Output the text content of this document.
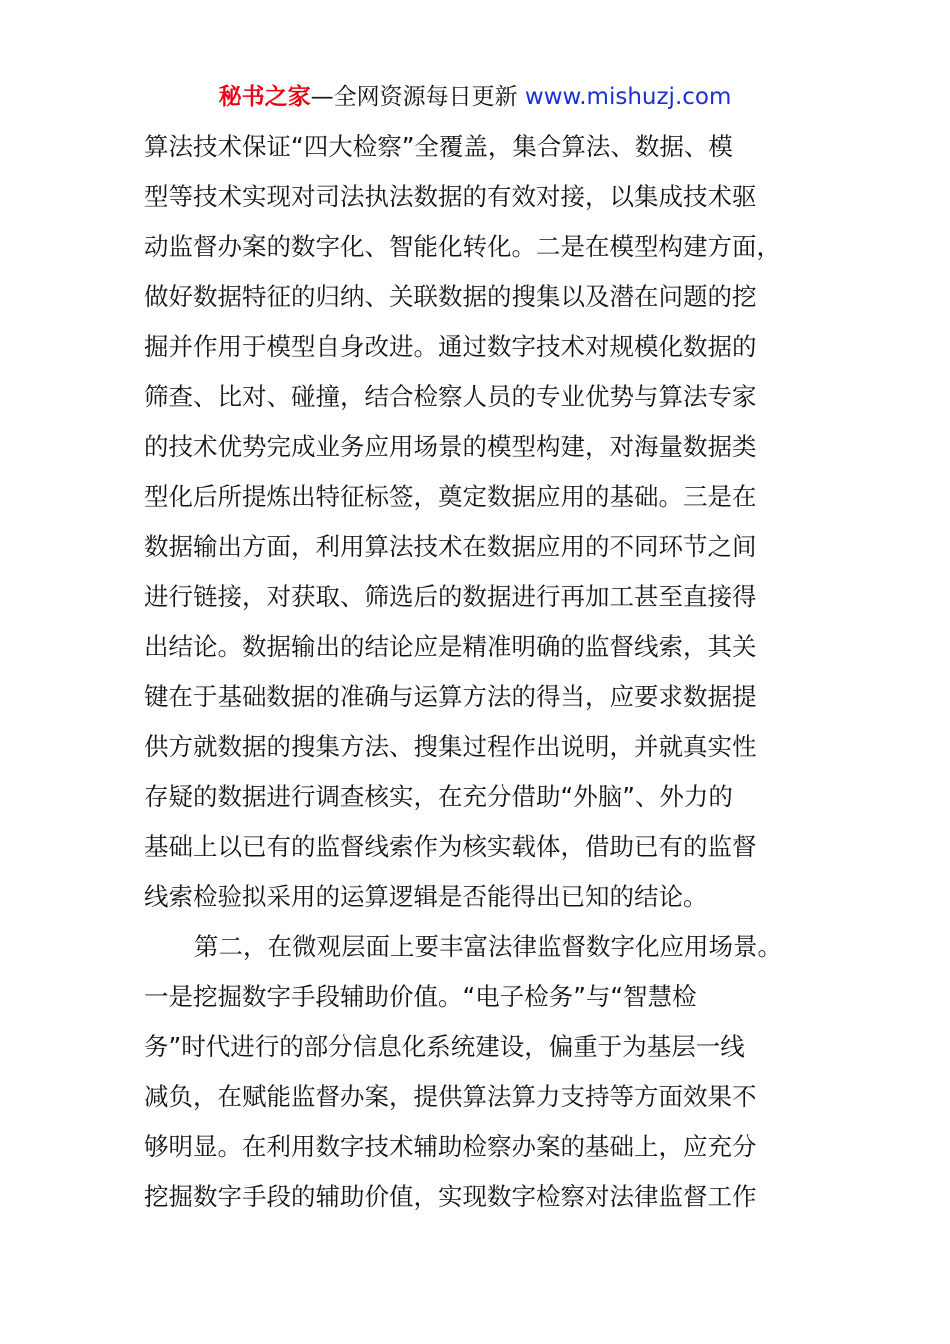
秘书之家—全网资源每日更新 www.mishuzj.com
算法技术保证“四大检察”全覆盖，集合算法、数据、模
型等技术实现对司法执法数据的有效对接，以集成技术驱
动监督办案的数字化、智能化转化。二是在模型构建方面，
做好数据特征的归纳、关联数据的搜集以及潜在问题的挖
掘并作用于模型自身改进。通过数字技术对规模化数据的
筛查、比对、碰撞，结合检察人员的专业优势与算法专家
的技术优势完成业务应用场景的模型构建，对海量数据类
型化后所提炼出特征标签，奠定数据应用的基础。三是在
数据输出方面，利用算法技术在数据应用的不同环节之间
进行链接，对获取、筛选后的数据进行再加工甚至直接得
出结论。数据输出的结论应是精准明确的监督线索，其关
键在于基础数据的准确与运算方法的得当，应要求数据提
供方就数据的搜集方法、搜集过程作出说明，并就真实性
存疑的数据进行调查核实，在充分借助“外脑”、外力的
基础上以已有的监督线索作为核实载体，借助已有的监督
线索检验拟采用的运算逻辑是否能得出已知的结论。
第二，在微观层面上要丰富法律监督数字化应用场景。
一是挖掘数字手段辅助价值。“电子检务”与“智慧检
务”时代进行的部分信息化系统建设，偏重于为基层一线
减负，在赋能监督办案，提供算法算力支持等方面效果不
够明显。在利用数字技术辅助检察办案的基础上，应充分
挖掘数字手段的辅助价值，实现数字检察对法律监督工作
